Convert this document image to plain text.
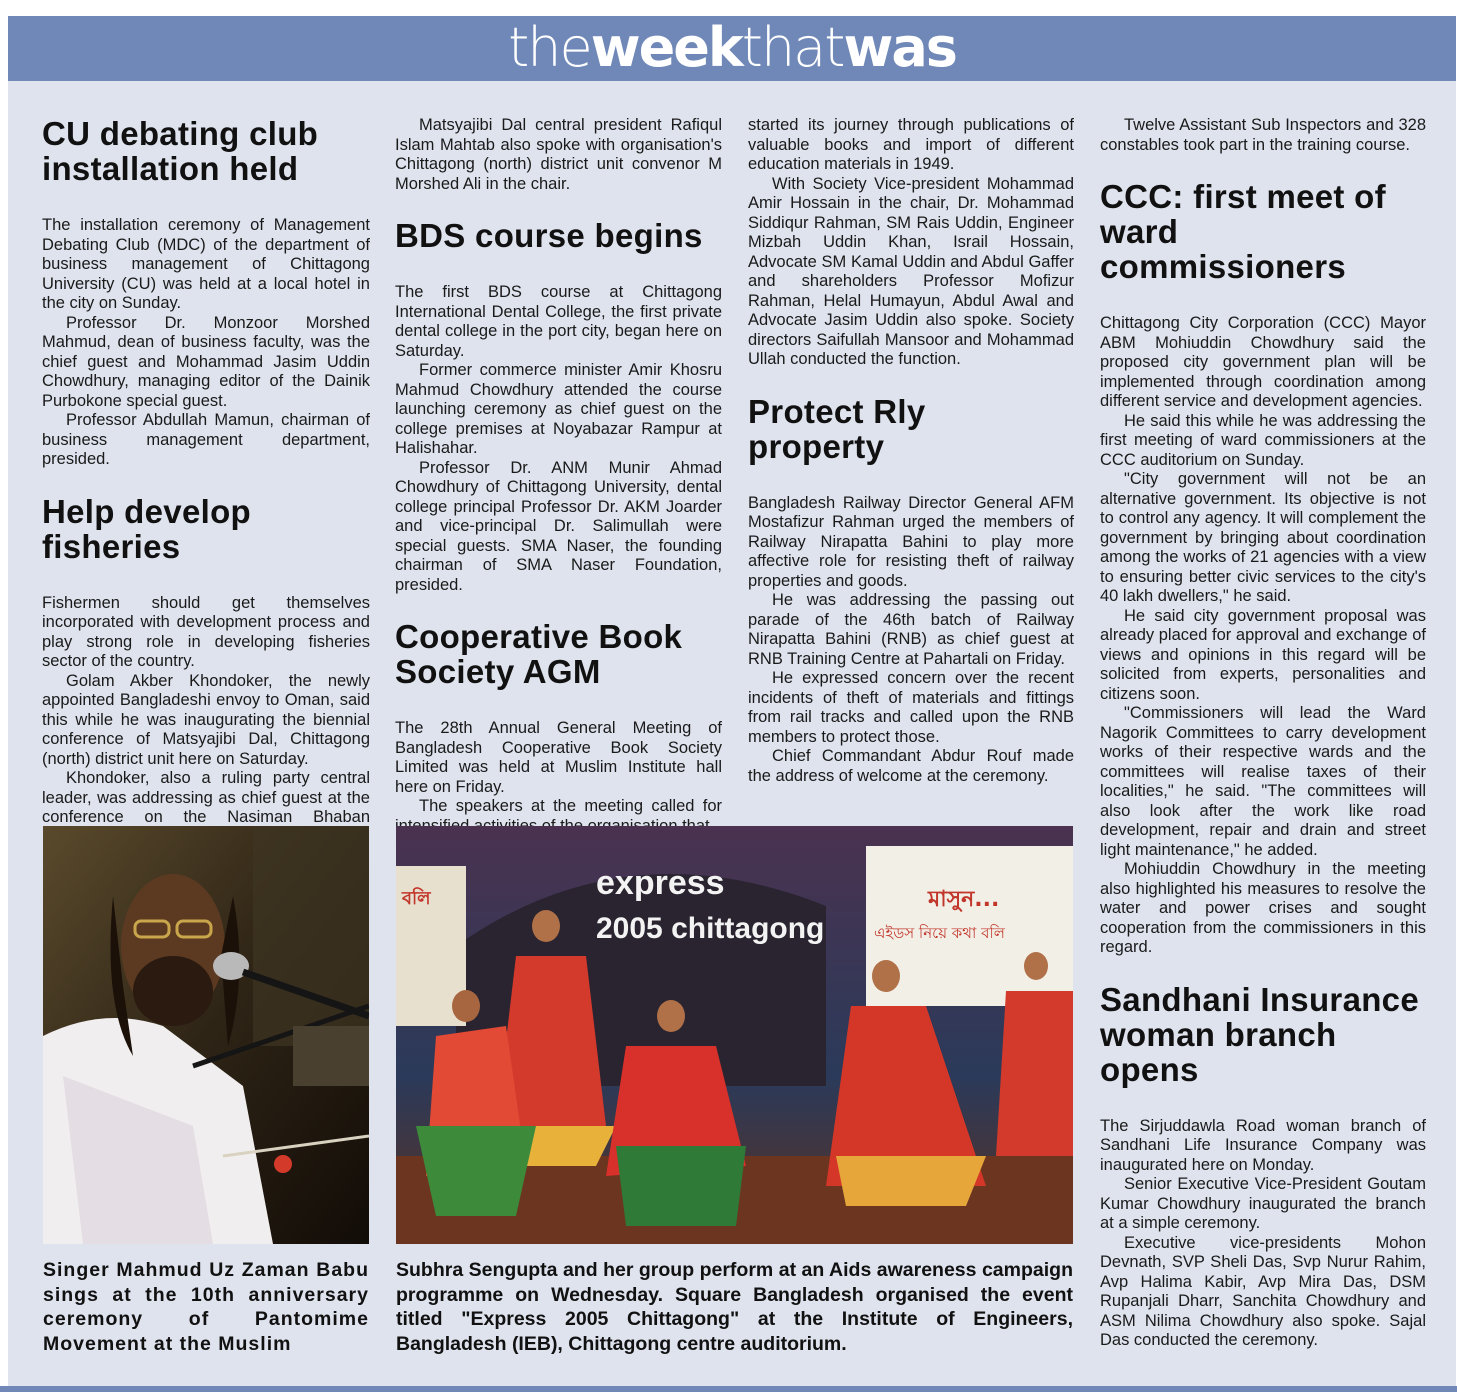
theweekthatwas
CU debating club installation held

The installation ceremony of Management Debating Club (MDC) of the department of business management of Chittagong University (CU) was held at a local hotel in the city on Sunday.

Professor Dr. Monzoor Morshed Mahmud, dean of business faculty, was the chief guest and Mohammad Jasim Uddin Chowdhury, managing editor of the Dainik Purbokone special guest.

Professor Abdullah Mamun, chairman of business management department, presided.

Help develop fisheries

Fishermen should get themselves incorporated with development process and play strong role in developing fisheries sector of the country.

Golam Akber Khondoker, the newly appointed Bangladeshi envoy to Oman, said this while he was inaugurating the biennial conference of Matsyajibi Dal, Chittagong (north) district unit here on Saturday.

Khondoker, also a ruling party central leader, was addressing as chief guest at the conference on the Nasiman Bhaban

Matsyajibi Dal central president Rafiqul Islam Mahtab also spoke with organisation's Chittagong (north) district unit convenor M Morshed Ali in the chair.

BDS course begins

The first BDS course at Chittagong International Dental College, the first private dental college in the port city, began here on Saturday.

Former commerce minister Amir Khosru Mahmud Chowdhury attended the course launching ceremony as chief guest on the college premises at Noyabazar Rampur at Halishahar.

Professor Dr. ANM Munir Ahmad Chowdhury of Chittagong University, dental college principal Professor Dr. AKM Joarder and vice-principal Dr. Salimullah were special guests. SMA Naser, the founding chairman of SMA Naser Foundation, presided.

Cooperative Book Society AGM

The 28th Annual General Meeting of Bangladesh Cooperative Book Society Limited was held at Muslim Institute hall here on Friday.

The speakers at the meeting called for

started its journey through publications of valuable books and import of different education materials in 1949.

With Society Vice-president Mohammad Amir Hossain in the chair, Dr. Mohammad Siddiqur Rahman, SM Rais Uddin, Engineer Mizbah Uddin Khan, Israil Hossain, Advocate SM Kamal Uddin and Abdul Gaffer and shareholders Professor Mofizur Rahman, Helal Humayun, Abdul Awal and Advocate Jasim Uddin also spoke. Society directors Saifullah Mansoor and Mohammad Ullah conducted the function.

Protect Rly property

Bangladesh Railway Director General AFM Mostafizur Rahman urged the members of Railway Nirapatta Bahini to play more affective role for resisting theft of railway properties and goods.

He was addressing the passing out parade of the 46th batch of Railway Nirapatta Bahini (RNB) as chief guest at RNB Training Centre at Pahartali on Friday.

He expressed concern over the recent incidents of theft of materials and fittings from rail tracks and called upon the RNB members to protect those.

Chief Commandant Abdur Rouf made the address of welcome at the ceremony.

Twelve Assistant Sub Inspectors and 328 constables took part in the training course.

CCC: first meet of ward commissioners

Chittagong City Corporation (CCC) Mayor ABM Mohiuddin Chowdhury said the proposed city government plan will be implemented through coordination among different service and development agencies.

He said this while he was addressing the first meeting of ward commissioners at the CCC auditorium on Sunday.

"City government will not be an alternative government. Its objective is not to control any agency. It will complement the government by bringing about coordination among the works of 21 agencies with a view to ensuring better civic services to the city's 40 lakh dwellers," he said.

He said city government proposal was already placed for approval and exchange of views and opinions in this regard will be solicited from experts, personalities and citizens soon.

"Commissioners will lead the Ward Nagorik Committees to carry development works of their respective wards and the committees will realise taxes of their localities," he said. "The committees will also look after the work like road development, repair and drain and street light maintenance," he added.

Mohiuddin Chowdhury in the meeting also highlighted his measures to resolve the water and power crises and sought cooperation from the commissioners in this regard.

Sandhani Insurance woman branch opens

The Sirjuddawla Road woman branch of Sandhani Life Insurance Company was inaugurated here on Monday.

Senior Executive Vice-President Goutam Kumar Chowdhury inaugurated the branch at a simple ceremony.

Executive vice-presidents Mohon Devnath, SVP Sheli Das, Svp Nurur Rahim, Avp Halima Kabir, Avp Mira Das, DSM Rupanjali Dharr, Sanchita Chowdhury and ASM Nilima Chowdhury also spoke. Sajal Das conducted the ceremony.

express
2005 chittagong
বলি	মাসুন...
এইডস নিয়ে কথা বলি

Singer Mahmud Uz Zaman Babu sings at the 10th anniversary ceremony of Pantomime Movement at the Muslim

Subhra Sengupta and her group perform at an Aids awareness campaign programme on Wednesday. Square Bangladesh organised the event titled "Express 2005 Chittagong" at the Institute of Engineers, Bangladesh (IEB), Chittagong centre auditorium.
